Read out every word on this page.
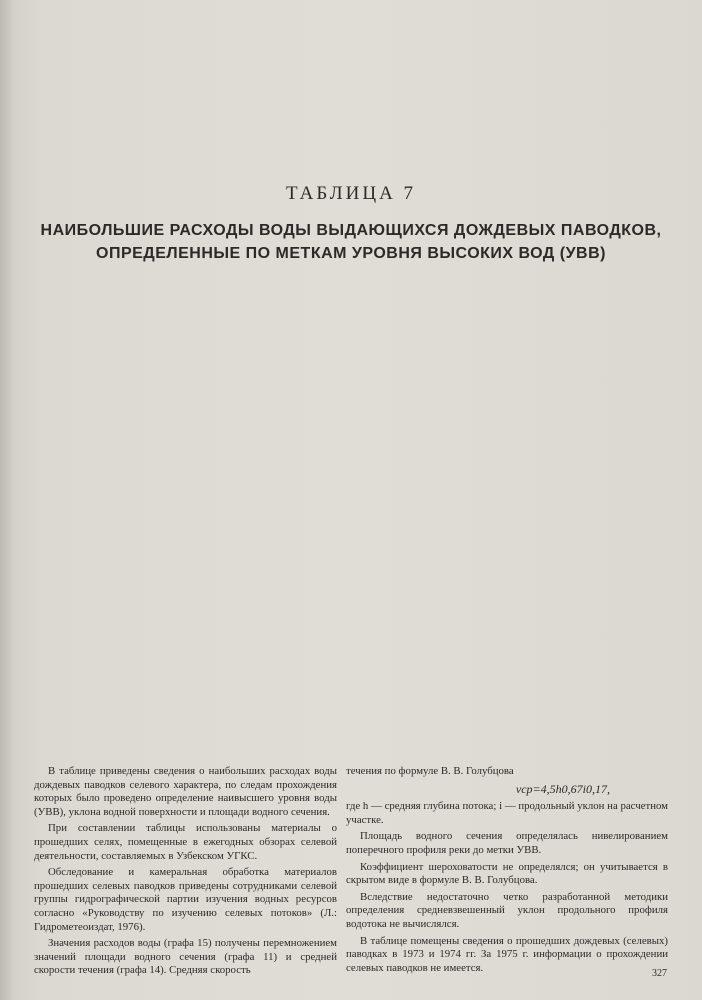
ТАБЛИЦА 7
НАИБОЛЬШИЕ РАСХОДЫ ВОДЫ ВЫДАЮЩИХСЯ ДОЖДЕВЫХ ПАВОДКОВ,
ОПРЕДЕЛЕННЫЕ ПО МЕТКАМ УРОВНЯ ВЫСОКИХ ВОД (УВВ)

В таблице приведены сведения о наибольших расходах воды дождевых паводков селевого характера, по следам прохождения которых было проведено определение наивысшего уровня воды (УВВ), уклона водной поверхности и площади водного сечения.

При составлении таблицы использованы материалы о прошедших селях, помещенные в ежегодных обзорах селевой деятельности, составляемых в Узбекском УГКС.

Обследование и камеральная обработка материалов прошедших селевых паводков приведены сотрудниками селевой группы гидрографической партии изучения водных ресурсов согласно «Руководству по изучению селевых потоков» (Л.: Гидрометеоиздат, 1976).

Значения расходов воды (графа 15) получены перемножением значений площади водного сечения (графа 11) и средней скорости течения (графа 14). Средняя скорость

течения по формуле В. В. Голубцова

vср=4,5h0,67i0,17,

где h — средняя глубина потока; i — продольный уклон на расчетном участке.

Площадь водного сечения определялась нивелированием поперечного профиля реки до метки УВВ.

Коэффициент шероховатости не определялся; он учитывается в скрытом виде в формуле В. В. Голубцова.

Вследствие недостаточно четко разработанной методики определения средневзвешенный уклон продольного профиля водотока не вычислялся.

В таблице помещены сведения о прошедших дождевых (селевых) паводках в 1973 и 1974 гг. За 1975 г. информации о прохождении селевых паводков не имеется.	327
